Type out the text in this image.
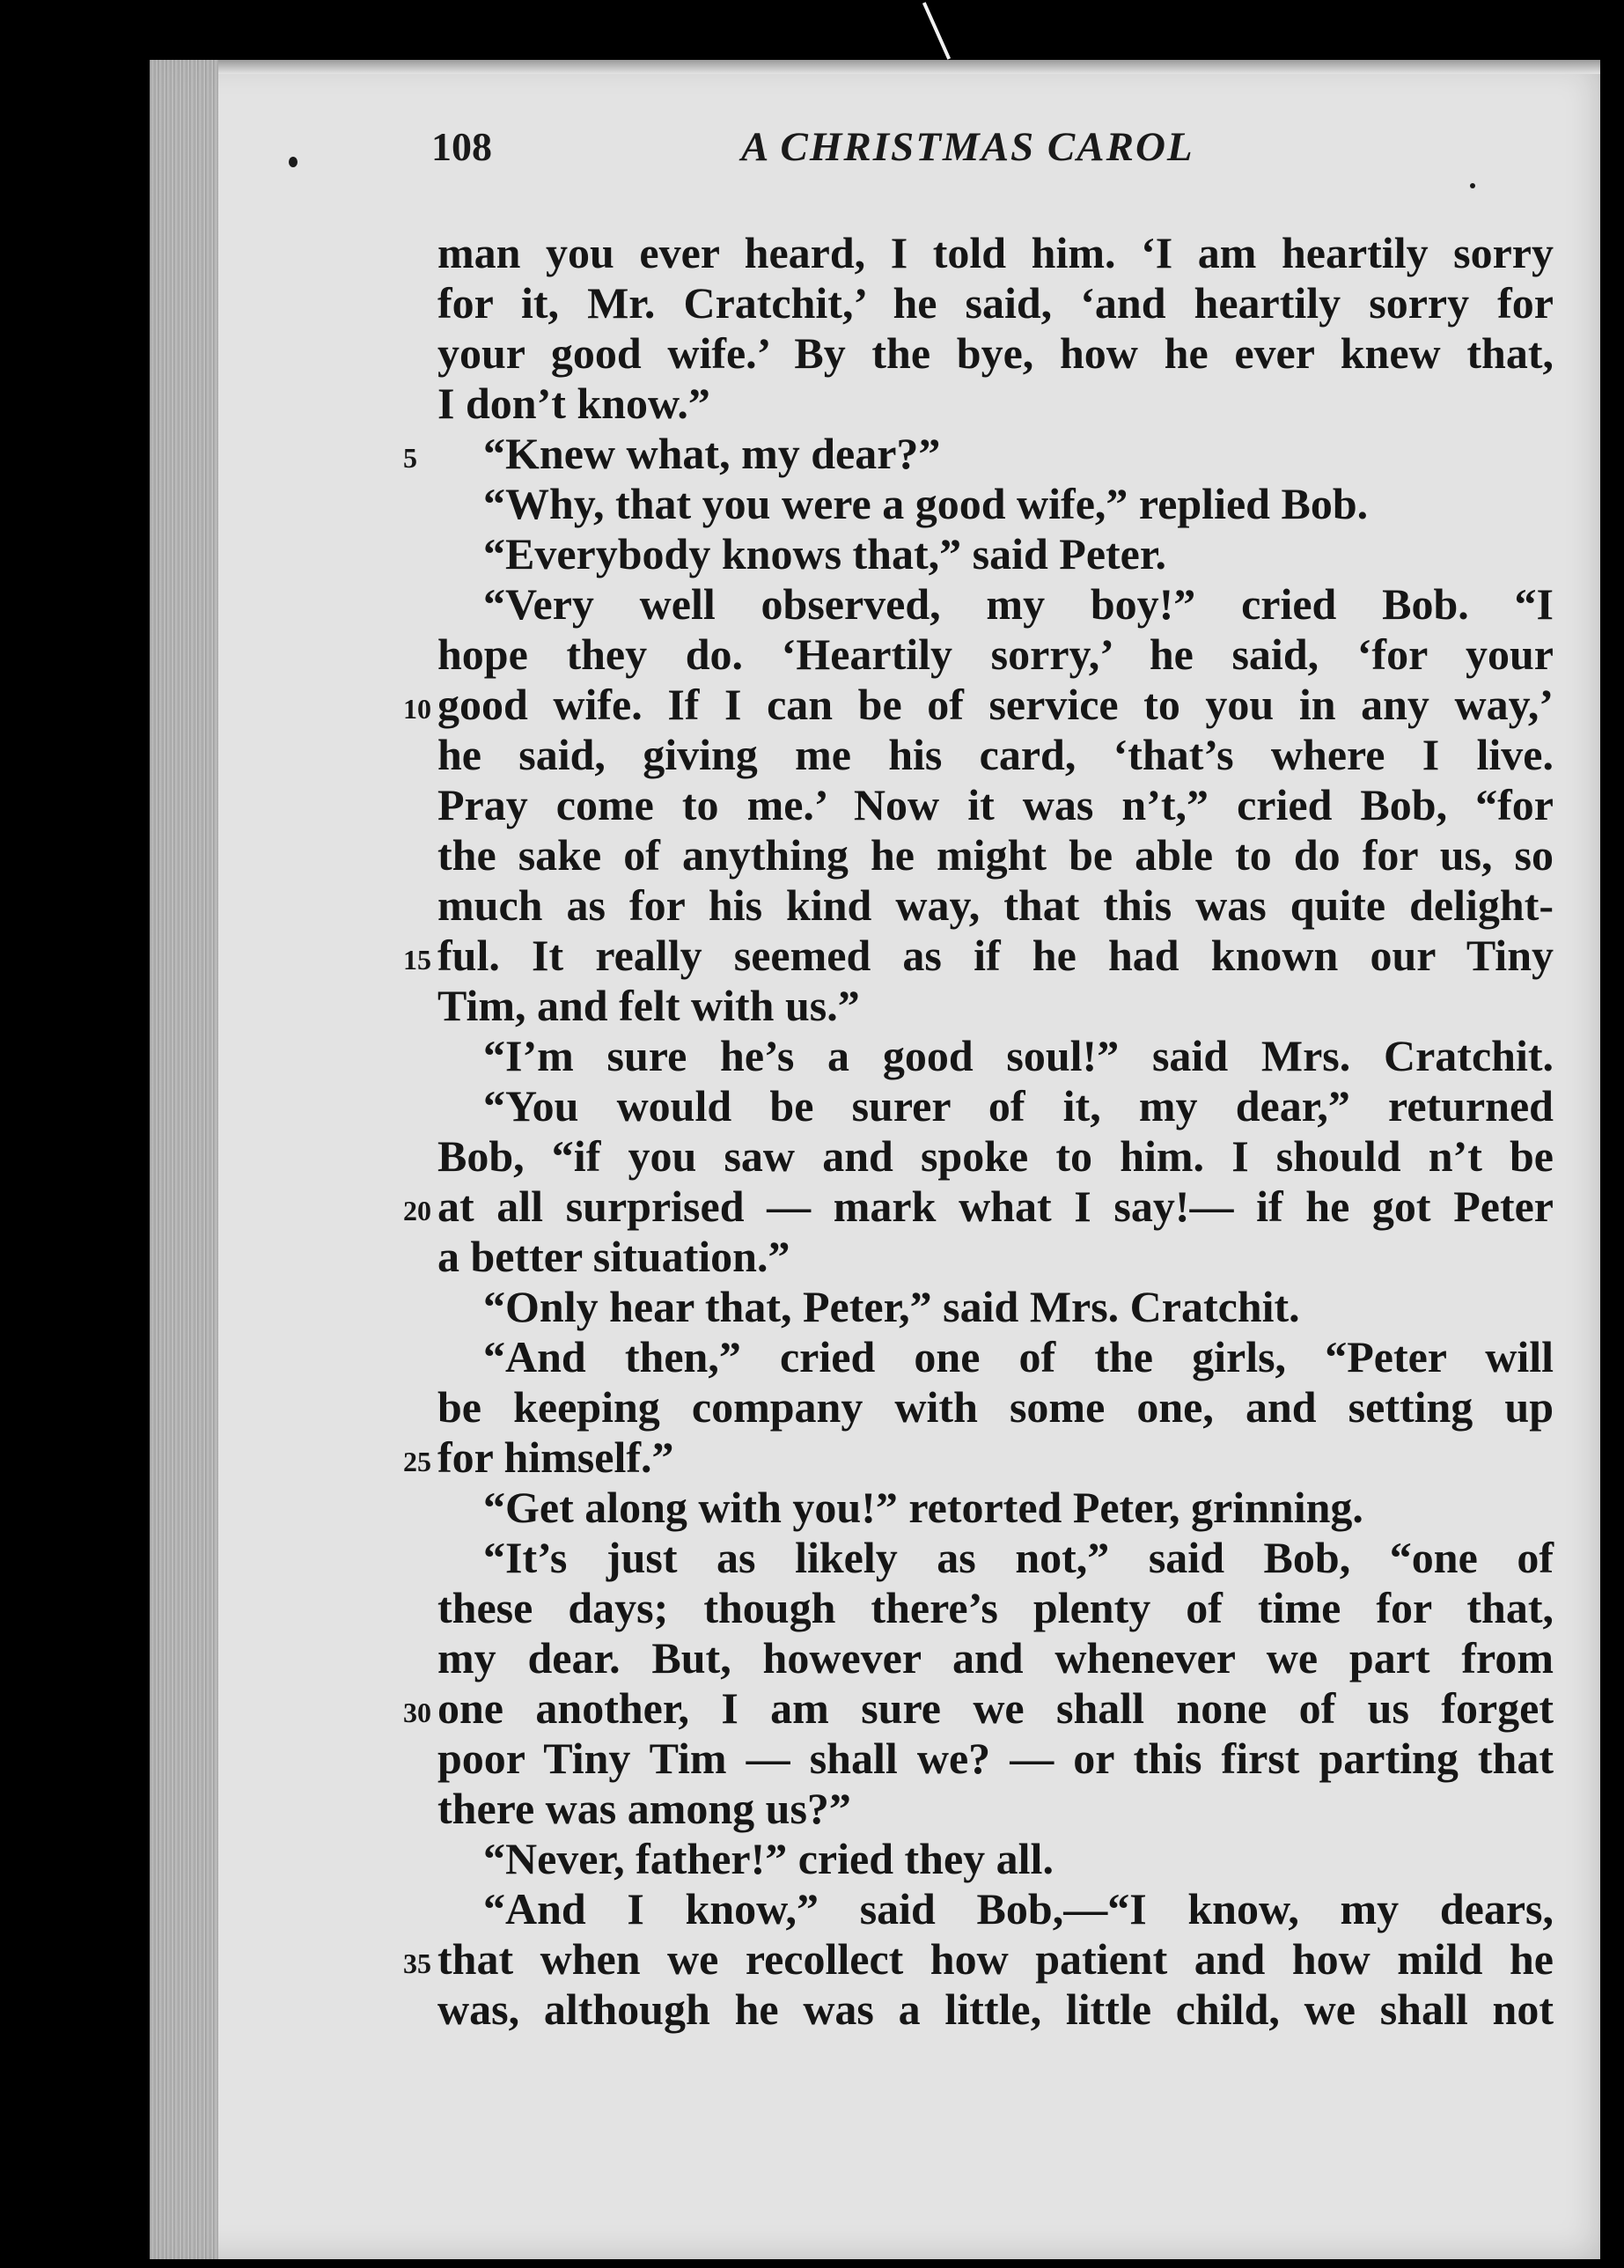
108	A CHRISTMAS CAROL
man you ever heard, I told him. ‘I am heartily sorry
for it, Mr. Cratchit,’ he said, ‘and heartily sorry for
your good wife.’ By the bye, how he ever knew that,
I don’t know.”
“Knew what, my dear?”
“Why, that you were a good wife,” replied Bob.
“Everybody knows that,” said Peter.
“Very well observed, my boy!” cried Bob. “I
hope they do. ‘Heartily sorry,’ he said, ‘for your
good wife. If I can be of service to you in any way,’
he said, giving me his card, ‘that’s where I live.
Pray come to me.’ Now it was n’t,” cried Bob, “for
the sake of anything he might be able to do for us, so
much as for his kind way, that this was quite delight-
ful. It really seemed as if he had known our Tiny
Tim, and felt with us.”
“I’m sure he’s a good soul!” said Mrs. Cratchit.
“You would be surer of it, my dear,” returned
Bob, “if you saw and spoke to him. I should n’t be
at all surprised — mark what I say!— if he got Peter
a better situation.”
“Only hear that, Peter,” said Mrs. Cratchit.
“And then,” cried one of the girls, “Peter will
be keeping company with some one, and setting up
for himself.”
“Get along with you!” retorted Peter, grinning.
“It’s just as likely as not,” said Bob, “one of
these days; though there’s plenty of time for that,
my dear. But, however and whenever we part from
one another, I am sure we shall none of us forget
poor Tiny Tim — shall we? — or this first parting that
there was among us?”
“Never, father!” cried they all.
“And I know,” said Bob,—“I know, my dears,
that when we recollect how patient and how mild he
was, although he was a little, little child, we shall not
5
10
15
20
25
30
35
